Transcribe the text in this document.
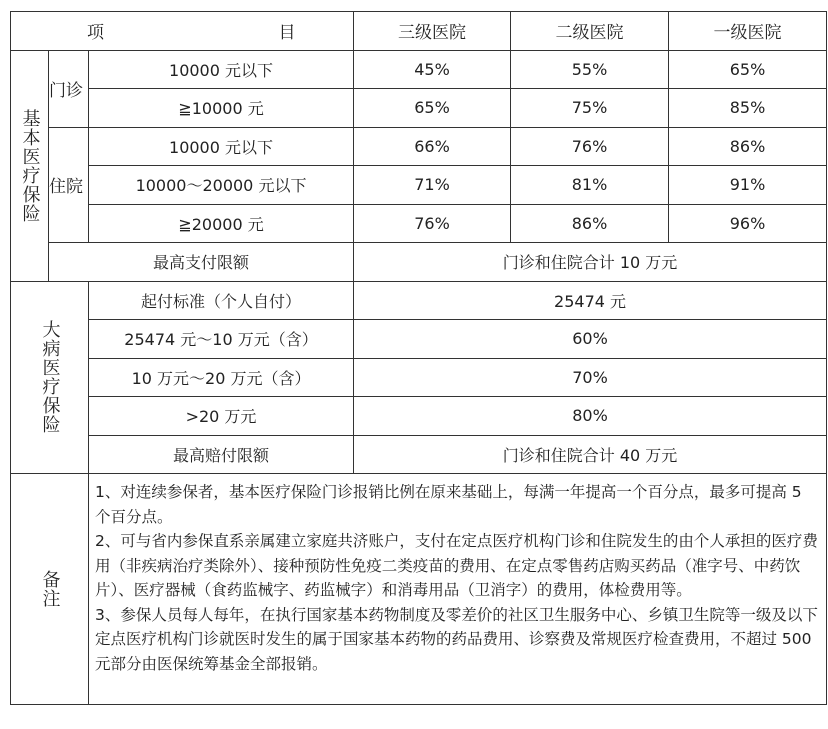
项 目			三级医院	二级医院	一级医院
基本医疗保险	门诊	10000 元以下	45%	55%	65%
		≧10000 元	65%	75%	85%
	住院	10000 元以下	66%	76%	86%
		10000～20000 元以下	71%	81%	91%
		≧20000 元	76%	86%	96%
	最高支付限额		门诊和住院合计 10 万元		
大病医疗保险		起付标准（个人自付）	25474 元		
		25474 元～10 万元（含）	60%		
		10 万元～20 万元（含）	70%		
		>20 万元	80%		
		最高赔付限额	门诊和住院合计 40 万元		
备注		1、对连续参保者，基本医疗保险门诊报销比例在原来基础上，每满一年提高一个百分点，最多可提高 5 个百分点。
2、可与省内参保直系亲属建立家庭共济账户，支付在定点医疗机构门诊和住院发生的由个人承担的医疗费用（非疾病治疗类除外）、接种预防性免疫二类疫苗的费用、在定点零售药店购买药品（准字号、中药饮片）、医疗器械（食药监械字、药监械字）和消毒用品（卫消字）的费用，体检费用等。
3、参保人员每人每年，在执行国家基本药物制度及零差价的社区卫生服务中心、乡镇卫生院等一级及以下定点医疗机构门诊就医时发生的属于国家基本药物的药品费用、诊察费及常规医疗检查费用，不超过 500 元部分由医保统筹基金全部报销。			
